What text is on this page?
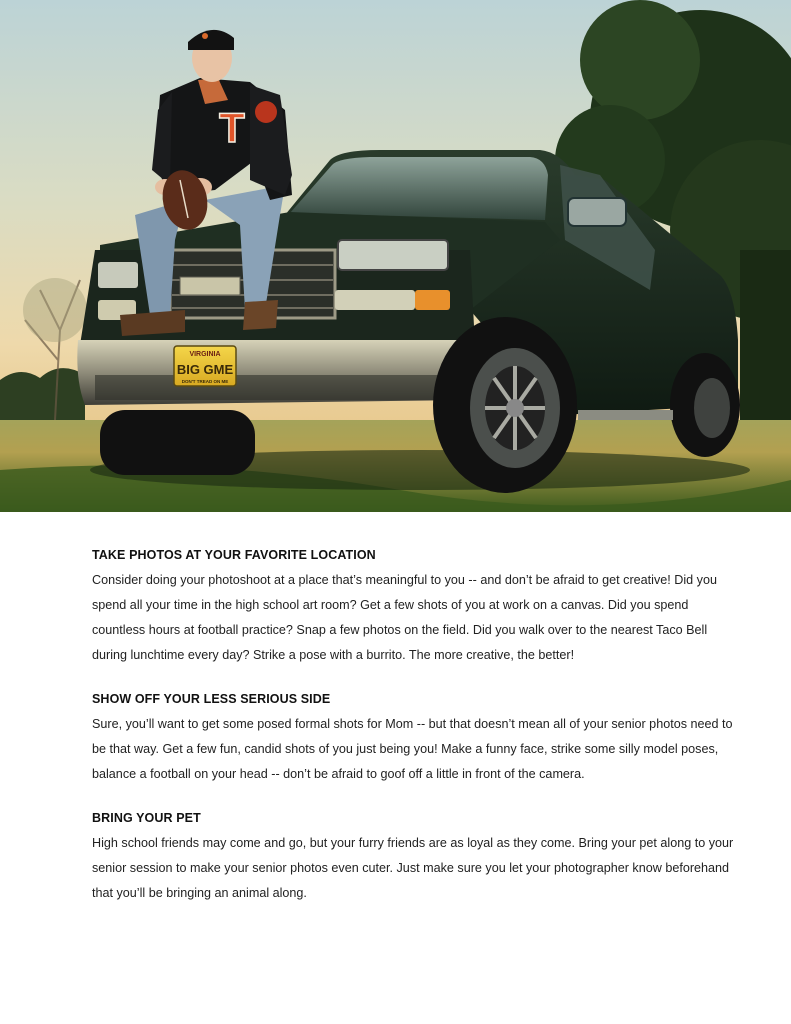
VIRGINIA
BIG GME
DON'T TREAD ON ME
T
TAKE PHOTOS AT YOUR FAVORITE LOCATION

Consider doing your photoshoot at a place that’s meaningful to you -- and don’t be afraid to get creative! Did you spend all your time in the high school art room? Get a few shots of you at work on a canvas. Did you spend countless hours at football practice? Snap a few photos on the field. Did you walk over to the nearest Taco Bell during lunchtime every day? Strike a pose with a burrito. The more creative, the better!

SHOW OFF YOUR LESS SERIOUS SIDE

Sure, you’ll want to get some posed formal shots for Mom -- but that doesn’t mean all of your senior photos need to be that way. Get a few fun, candid shots of you just being you! Make a funny face, strike some silly model poses, balance a football on your head -- don’t be afraid to goof off a little in front of the camera.

BRING YOUR PET

High school friends may come and go, but your furry friends are as loyal as they come. Bring your pet along to your senior session to make your senior photos even cuter. Just make sure you let your photographer know beforehand that you’ll be bringing an animal along.
